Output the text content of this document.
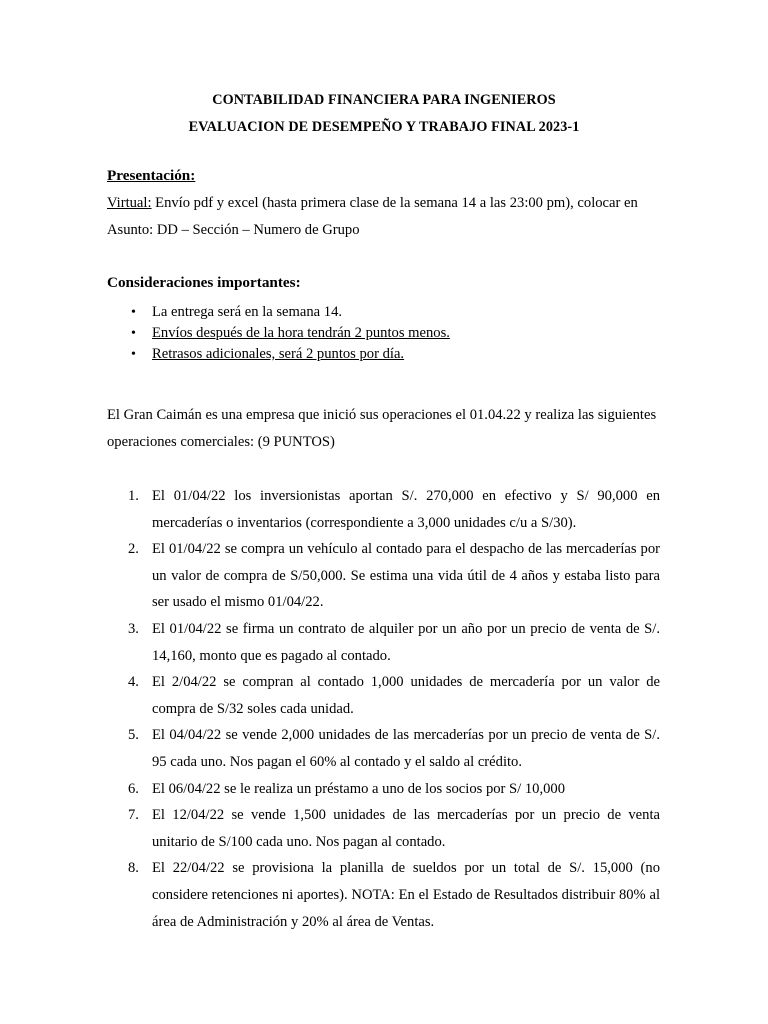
CONTABILIDAD FINANCIERA PARA INGENIEROS
EVALUACION DE DESEMPEÑO Y TRABAJO FINAL 2023-1
Presentación:
Virtual: Envío pdf y excel (hasta primera clase de la semana 14 a las 23:00 pm), colocar en
Asunto: DD – Sección – Numero de Grupo
Consideraciones importantes:
• La entrega será en la semana 14.
• Envíos después de la hora tendrán 2 puntos menos.
• Retrasos adicionales, será 2 puntos por día.
El Gran Caimán es una empresa que inició sus operaciones el 01.04.22 y realiza las siguientes operaciones comerciales: (9 PUNTOS)
1. El 01/04/22 los inversionistas aportan S/. 270,000 en efectivo y S/ 90,000 en mercaderías o inventarios (correspondiente a 3,000 unidades c/u a S/30).
2. El 01/04/22 se compra un vehículo al contado para el despacho de las mercaderías por un valor de compra de S/50,000. Se estima una vida útil de 4 años y estaba listo para ser usado el mismo 01/04/22.
3. El 01/04/22 se firma un contrato de alquiler por un año por un precio de venta de S/. 14,160, monto que es pagado al contado.
4. El 2/04/22 se compran al contado 1,000 unidades de mercadería por un valor de compra de S/32 soles cada unidad.
5. El 04/04/22 se vende 2,000 unidades de las mercaderías por un precio de venta de S/. 95 cada uno. Nos pagan el 60% al contado y el saldo al crédito.
6. El 06/04/22 se le realiza un préstamo a uno de los socios por S/ 10,000
7. El 12/04/22 se vende 1,500 unidades de las mercaderías por un precio de venta unitario de S/100 cada uno. Nos pagan al contado.
8. El 22/04/22 se provisiona la planilla de sueldos por un total de S/. 15,000 (no considere retenciones ni aportes). NOTA: En el Estado de Resultados distribuir 80% al área de Administración y 20% al área de Ventas.
